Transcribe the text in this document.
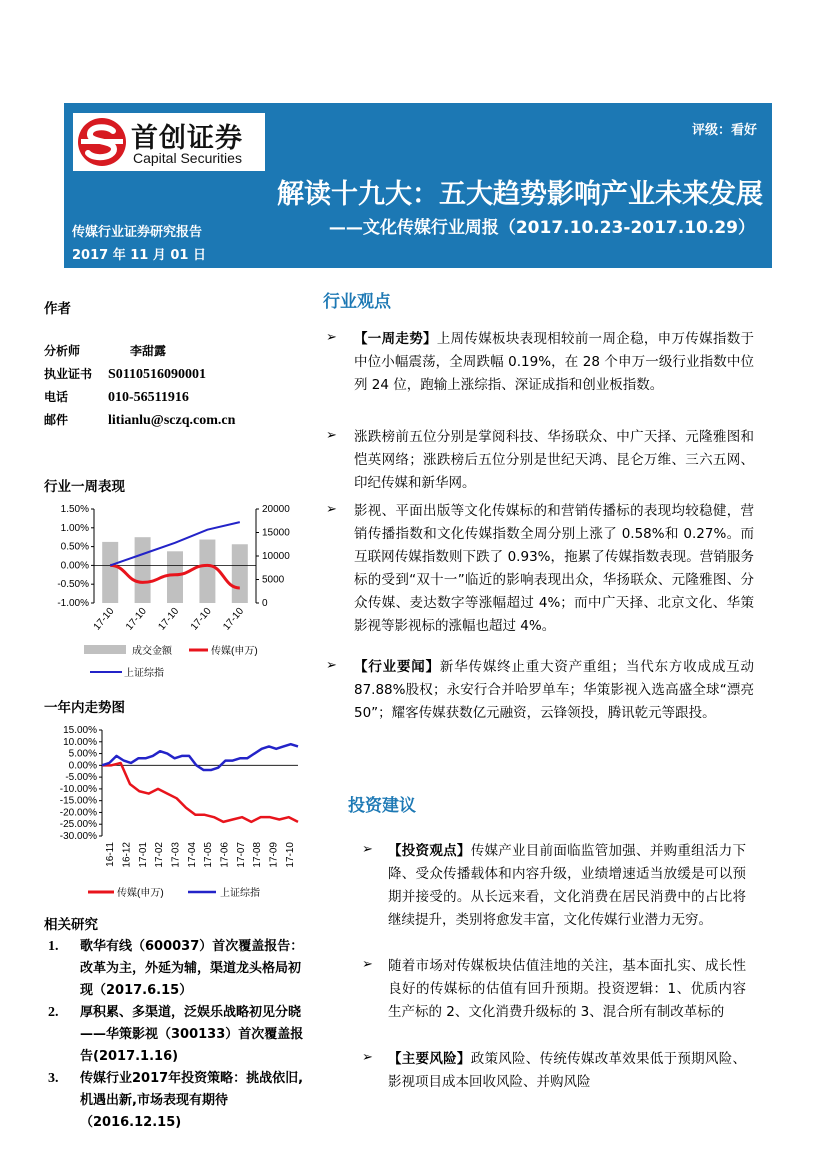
首创证券
Capital Securities
评级：看好
解读十九大：五大趋势影响产业未来发展
——文化传媒行业周报（2017.10.23-2017.10.29）
传媒行业证券研究报告
2017 年 11 月 01 日
作者
分析师	李甜露
执业证书	S0110516090001
电话	010-56511916
邮件	litianlu@sczq.com.cn
行业一周表现
1.50%
1.00%
0.50%
0.00%
-0.50%
-1.00%
20000
15000
10000
5000
0
17-10 17-10 17-10 17-10 17-10
成交金额	传媒(申万)
上证综指
一年内走势图
15.00%
10.00%
5.00%
0.00%
-5.00%
-10.00%
-15.00%
-20.00%
-25.00%
-30.00%
16-11 16-12 17-01 17-02 17-03 17-04 17-05 17-06 17-07 17-08 17-09 17-10
传媒(申万)	上证综指
相关研究
1.	歌华有线（600037）首次覆盖报告：改革为主，外延为辅，渠道龙头格局初现（2017.6.15）
2.	厚积累、多渠道，泛娱乐战略初见分晓——华策影视（300133）首次覆盖报告(2017.1.16)
3.	传媒行业2017年投资策略：挑战依旧,机遇出新,市场表现有期待（2016.12.15)
行业观点
➢ 【一周走势】上周传媒板块表现相较前一周企稳，申万传媒指数于中位小幅震荡，全周跌幅 0.19%，在 28 个申万一级行业指数中位列 24 位，跑输上涨综指、深证成指和创业板指数。
➢ 涨跌榜前五位分别是掌阅科技、华扬联众、中广天择、元隆雅图和恺英网络；涨跌榜后五位分别是世纪天鸿、昆仑万维、三六五网、印纪传媒和新华网。
➢ 影视、平面出版等文化传媒标的和营销传播标的表现均较稳健，营销传播指数和文化传媒指数全周分别上涨了 0.58%和 0.27%。而互联网传媒指数则下跌了 0.93%，拖累了传媒指数表现。营销服务标的受到“双十一”临近的影响表现出众，华扬联众、元隆雅图、分众传媒、麦达数字等涨幅超过 4%；而中广天择、北京文化、华策影视等影视标的涨幅也超过 4%。
➢ 【行业要闻】新华传媒终止重大资产重组；当代东方收成成互动 87.88%股权；永安行合并哈罗单车；华策影视入选高盛全球“漂亮 50”；耀客传媒获数亿元融资，云锋领投，腾讯乾元等跟投。
投资建议
➢ 【投资观点】传媒产业目前面临监管加强、并购重组活力下降、受众传播载体和内容升级，业绩增速适当放缓是可以预期并接受的。从长远来看，文化消费在居民消费中的占比将继续提升，类别将愈发丰富，文化传媒行业潜力无穷。
➢ 随着市场对传媒板块估值洼地的关注，基本面扎实、成长性良好的传媒标的估值有回升预期。投资逻辑：1、优质内容生产标的 2、文化消费升级标的 3、混合所有制改革标的
➢ 【主要风险】政策风险、传统传媒改革效果低于预期风险、影视项目成本回收风险、并购风险
